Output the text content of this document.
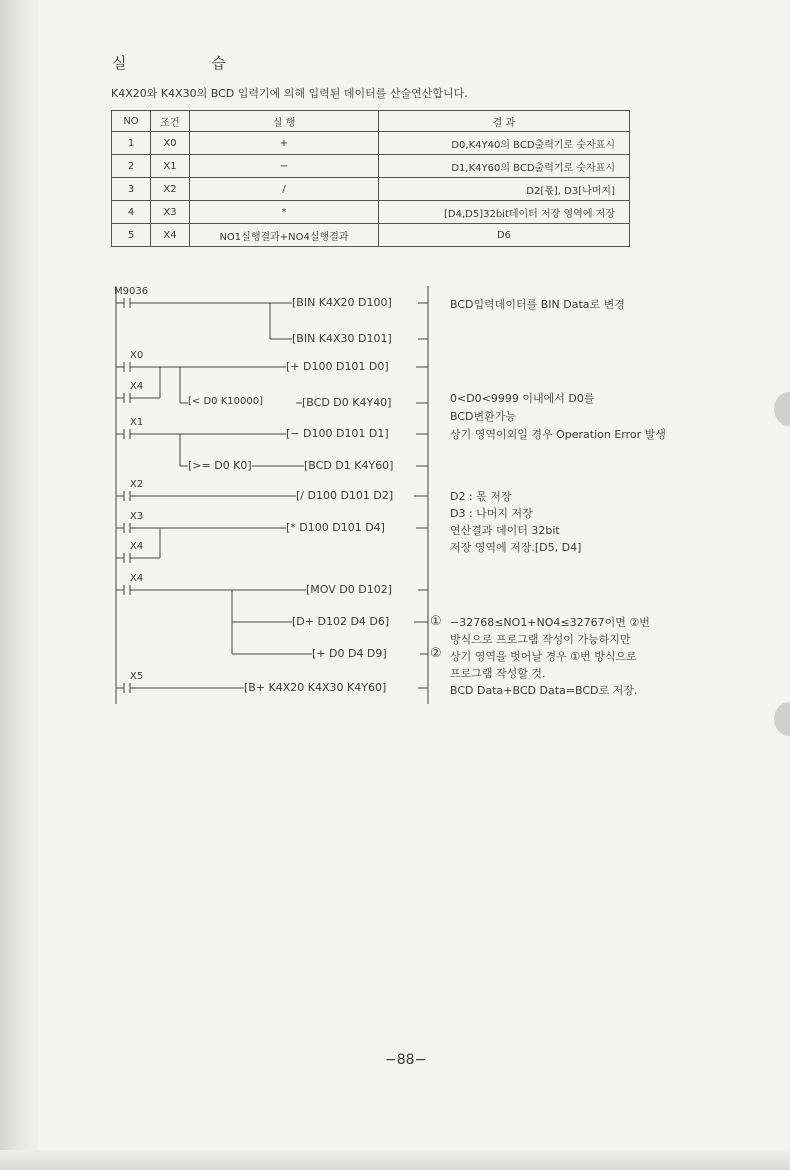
실 습
K4X20와 K4X30의 BCD 입력기에 의해 입력된 데이터를 산술연산합니다.
NO	조건	실 행	결 과
1	X0	+	D0,K4Y40의 BCD출력기로 숫자표시
2	X1	−	D1,K4Y60의 BCD출력기로 숫자표시
3	X2	/	D2[몫], D3[나머지]
4	X3	*	[D4,D5]32bit데이터 저장 영역에 저장
5	X4	NO1실행결과+NO4실행결과	D6
M9036
X0
X4
X1
X2
X3
X4
X4
X5
[BIN K4X20 D100]
[BIN K4X30 D101]
[+ D100 D101 D0]
[< D0 K10000]	[BCD D0 K4Y40]
[− D100 D101 D1]
[>= D0 K0]	[BCD D1 K4Y60]
[/ D100 D101 D2]
[* D100 D101 D4]
[MOV D0 D102]
[D+ D102 D4 D6]
[+ D0 D4 D9]
[B+ K4X20 K4X30 K4Y60]
①
②
BCD입력데이터를 BIN Data로 변경
0<D0<9999 이내에서 D0를
BCD변환가능
상기 영역이외일 경우 Operation Error 발생
D2 : 몫 저장
D3 : 나머지 저장
연산결과 데이터 32bit
저장 영역에 저장.[D5, D4]
−32768≤NO1+NO4≤32767이면 ②번
방식으로 프로그램 작성이 가능하지만
상기 영역을 벗어날 경우 ①번 방식으로
프로그램 작성할 것.
BCD Data+BCD Data=BCD로 저장.
−88−
